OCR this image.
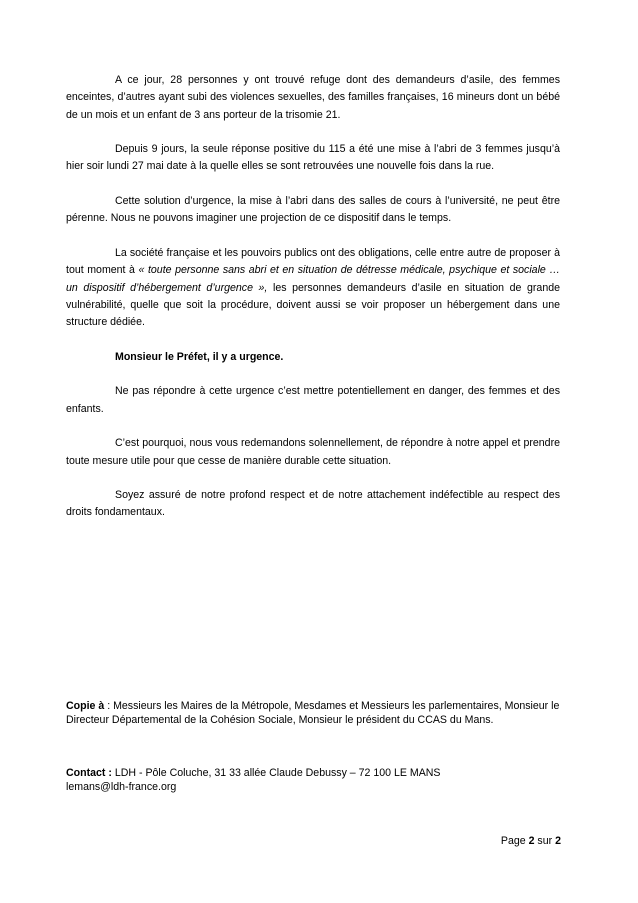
A ce jour, 28 personnes y ont trouvé refuge dont des demandeurs d’asile, des femmes enceintes, d’autres ayant subi des violences sexuelles, des familles françaises, 16 mineurs dont un bébé de un mois et un enfant de 3 ans porteur de la trisomie 21.

Depuis 9 jours, la seule réponse positive du 115 a été une mise à l’abri de 3 femmes jusqu’à hier soir lundi 27 mai date à la quelle elles se sont retrouvées une nouvelle fois dans la rue.

Cette solution d’urgence, la mise à l’abri dans des salles de cours à l’université, ne peut être pérenne. Nous ne pouvons imaginer une projection de ce dispositif dans le temps.

La société française et les pouvoirs publics ont des obligations, celle entre autre de proposer à tout moment à « toute personne sans abri et en situation de détresse médicale, psychique et sociale … un dispositif d’hébergement d’urgence », les personnes demandeurs d’asile en situation de grande vulnérabilité, quelle que soit la procédure, doivent aussi se voir proposer un hébergement dans une structure dédiée.

Monsieur le Préfet, il y a urgence.

Ne pas répondre à cette urgence c’est mettre potentiellement en danger, des femmes et des enfants.

C’est pourquoi, nous vous redemandons solennellement, de répondre à notre appel et prendre toute mesure utile pour que cesse de manière durable cette situation.

Soyez assuré de notre profond respect et de notre attachement indéfectible au respect des droits fondamentaux.

Copie à : Messieurs les Maires de la Métropole, Mesdames et Messieurs les parlementaires, Monsieur le

Directeur Départemental de la Cohésion Sociale, Monsieur le président du CCAS du Mans.

Contact : LDH - Pôle Coluche, 31 33 allée Claude Debussy – 72 100 LE MANS

lemans@ldh-france.org

Page 2 sur 2
